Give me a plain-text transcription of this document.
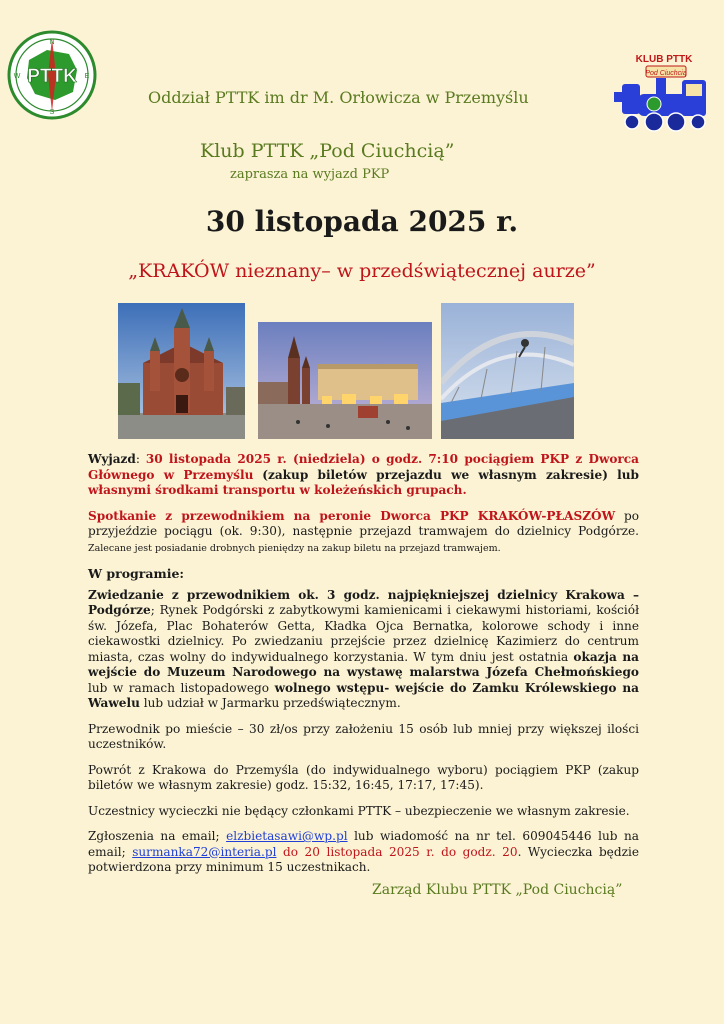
PTTK
N
E
S
W
KLUB PTTK
Pod Ciuchcią
Oddział PTTK im dr M. Orłowicza w Przemyślu
Klub PTTK „Pod Ciuchcią”
zaprasza na wyjazd PKP
30 listopada 2025 r.
„KRAKÓW nieznany– w przedświątecznej aurze”

Wyjazd: 30 listopada 2025 r. (niedziela) o godz. 7:10 pociągiem PKP z Dworca Głównego w Przemyślu (zakup biletów przejazdu we własnym zakresie) lub własnymi środkami transportu w koleżeńskich grupach.

Spotkanie z przewodnikiem na peronie Dworca PKP KRAKÓW-PŁASZÓW po przyjeździe pociągu (ok. 9:30), następnie przejazd tramwajem do dzielnicy Podgórze. Zalecane jest posiadanie drobnych pieniędzy na zakup biletu na przejazd tramwajem.

W programie:

Zwiedzanie z przewodnikiem ok. 3 godz. najpiękniejszej dzielnicy Krakowa – Podgórze; Rynek Podgórski z zabytkowymi kamienicami i ciekawymi historiami, kościół św. Józefa, Plac Bohaterów Getta, Kładka Ojca Bernatka, kolorowe schody i inne ciekawostki dzielnicy. Po zwiedzaniu przejście przez dzielnicę Kazimierz do centrum miasta, czas wolny do indywidualnego korzystania. W tym dniu jest ostatnia okazja na wejście do Muzeum Narodowego na wystawę malarstwa Józefa Chełmońskiego lub w ramach listopadowego wolnego wstępu- wejście do Zamku Królewskiego na Wawelu lub udział w Jarmarku przedświątecznym.

Przewodnik po mieście – 30 zł/os przy założeniu 15 osób lub mniej przy większej ilości uczestników.

Powrót z Krakowa do Przemyśla (do indywidualnego wyboru) pociągiem PKP (zakup biletów we własnym zakresie) godz. 15:32, 16:45, 17:17, 17:45).

Uczestnicy wycieczki nie będący członkami PTTK – ubezpieczenie we własnym zakresie.

Zgłoszenia na email; elzbietasawi@wp.pl lub wiadomość na nr tel. 609045446 lub na email; surmanka72@interia.pl do 20 listopada 2025 r. do godz. 20. Wycieczka będzie potwierdzona przy minimum 15 uczestnikach.

Zarząd Klubu PTTK „Pod Ciuchcią”
